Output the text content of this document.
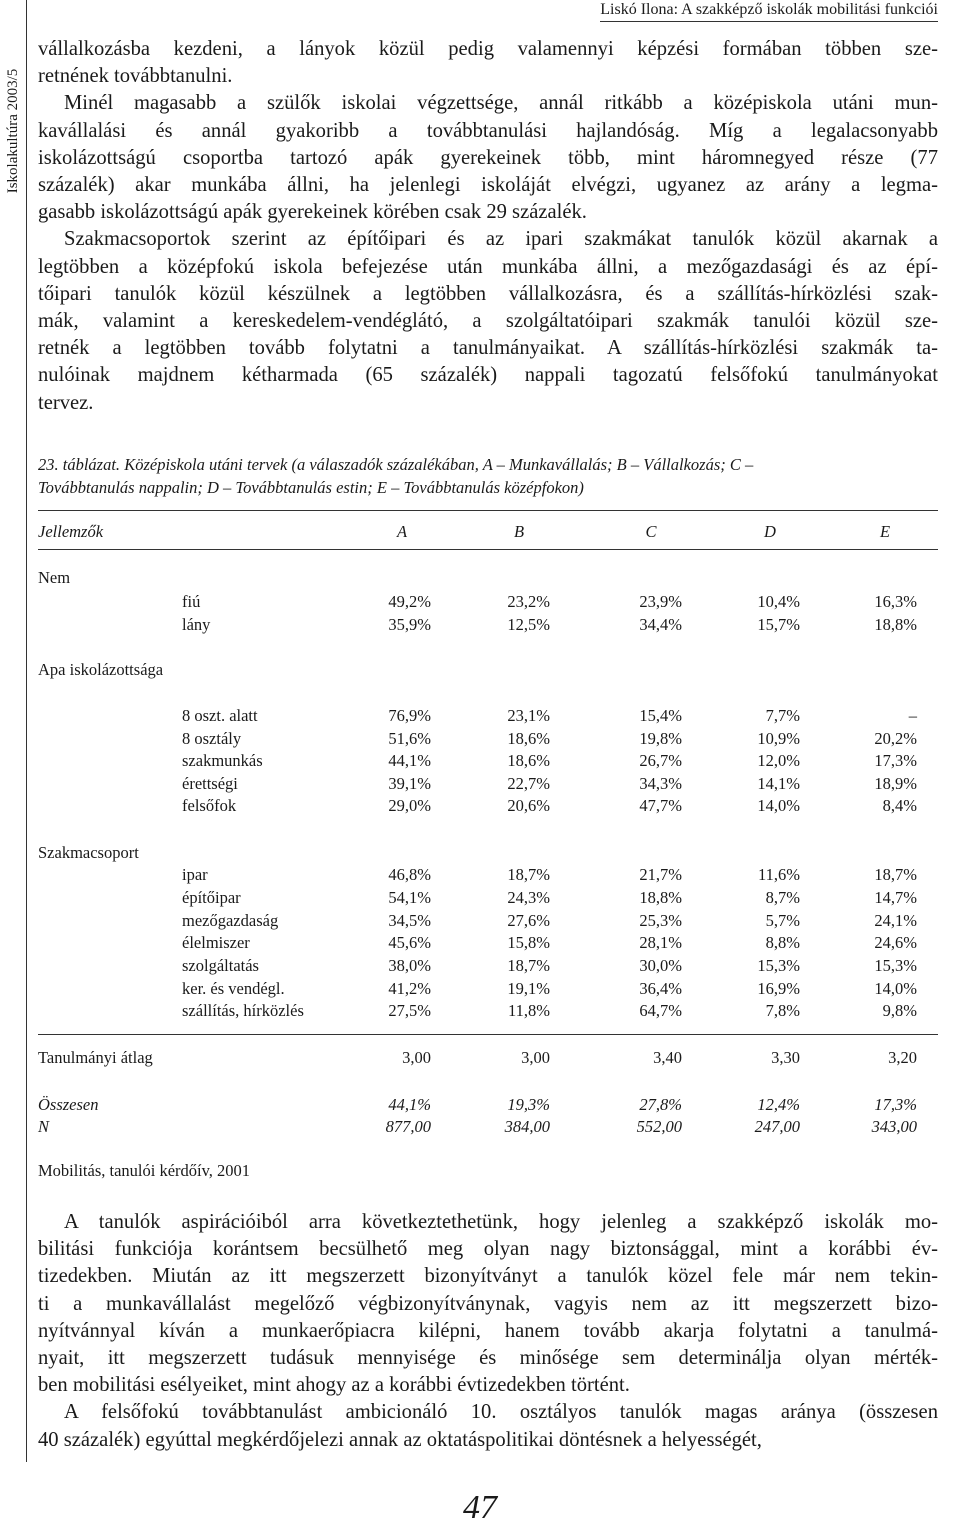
Iskolakultúra 2003/5
Liskó Ilona: A szakképző iskolák mobilitási funkciói

vállalkozásba kezdeni, a lányok közül pedig valamennyi képzési formában többen sze-
retnének továbbtanulni.

Minél magasabb a szülők iskolai végzettsége, annál ritkább a középiskola utáni mun-
kavállalási és annál gyakoribb a továbbtanulási hajlandóság. Míg a legalacsonyabb
iskolázottságú csoportba tartozó apák gyerekeinek több, mint háromnegyed része (77
százalék) akar munkába állni, ha jelenlegi iskoláját elvégzi, ugyanez az arány a legma-
gasabb iskolázottságú apák gyerekeinek körében csak 29 százalék.

Szakmacsoportok szerint az építőipari és az ipari szakmákat tanulók közül akarnak a
legtöbben a középfokú iskola befejezése után munkába állni, a mezőgazdasági és az épí-
tőipari tanulók közül készülnek a legtöbben vállalkozásra, és a szállítás-hírközlési szak-
mák, valamint a kereskedelem-vendéglátó, a szolgáltatóipari szakmák tanulói közül sze-
retnék a legtöbben tovább folytatni a tanulmányaikat. A szállítás-hírközlési szakmák ta-
nulóinak majdnem kétharmada (65 százalék) nappali tagozatú felsőfokú tanulmányokat
tervez.

23. táblázat. Középiskola utáni tervek (a válaszadók százalékában, A – Munkavállalás; B – Vállalkozás; C –
Továbbtanulás nappalin; D – Továbbtanulás estin; E – Továbbtanulás középfokon)
Jellemzők	A	B	C	D	E
Nem
fiú	49,2%	23,2%	23,9%	10,4%	16,3%
lány	35,9%	12,5%	34,4%	15,7%	18,8%
Apa iskolázottsága
8 oszt. alatt	76,9%	23,1%	15,4%	7,7%	–
8 osztály	51,6%	18,6%	19,8%	10,9%	20,2%
szakmunkás	44,1%	18,6%	26,7%	12,0%	17,3%
érettségi	39,1%	22,7%	34,3%	14,1%	18,9%
felsőfok	29,0%	20,6%	47,7%	14,0%	8,4%
Szakmacsoport
ipar	46,8%	18,7%	21,7%	11,6%	18,7%
építőipar	54,1%	24,3%	18,8%	8,7%	14,7%
mezőgazdaság	34,5%	27,6%	25,3%	5,7%	24,1%
élelmiszer	45,6%	15,8%	28,1%	8,8%	24,6%
szolgáltatás	38,0%	18,7%	30,0%	15,3%	15,3%
ker. és vendégl.	41,2%	19,1%	36,4%	16,9%	14,0%
szállítás, hírközlés	27,5%	11,8%	64,7%	7,8%	9,8%
Tanulmányi átlag	3,00	3,00	3,40	3,30	3,20
Összesen	44,1%	19,3%	27,8%	12,4%	17,3%
N	877,00	384,00	552,00	247,00	343,00
Mobilitás, tanulói kérdőív, 2001

A tanulók aspirációiból arra következtethetünk, hogy jelenleg a szakképző iskolák mo-
bilitási funkciója korántsem becsülhető meg olyan nagy biztonsággal, mint a korábbi év-
tizedekben. Miután az itt megszerzett bizonyítványt a tanulók közel fele már nem tekin-
ti a munkavállalást megelőző végbizonyítványnak, vagyis nem az itt megszerzett bizo-
nyítvánnyal kíván a munkaerőpiacra kilépni, hanem tovább akarja folytatni a tanulmá-
nyait, itt megszerzett tudásuk mennyisége és minősége sem determinálja olyan mérték-
ben mobilitási esélyeiket, mint ahogy az a korábbi évtizedekben történt.

A felsőfokú továbbtanulást ambicionáló 10. osztályos tanulók magas aránya (összesen
40 százalék) egyúttal megkérdőjelezi annak az oktatáspolitikai döntésnek a helyességét,

47
